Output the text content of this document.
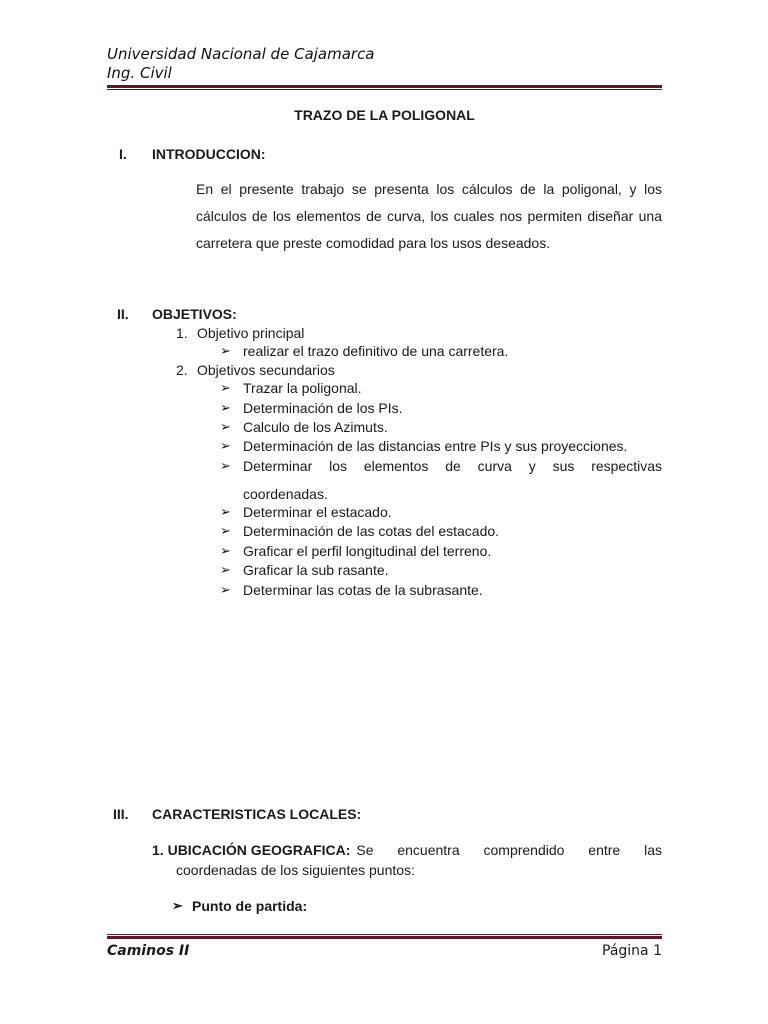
Universidad Nacional de Cajamarca
Ing. Civil
TRAZO DE LA POLIGONAL
I. INTRODUCCION:
En el presente trabajo se presenta los cálculos de la poligonal, y los cálculos de los elementos de curva, los cuales nos permiten diseñar una carretera que preste comodidad para los usos deseados.
II. OBJETIVOS:
1. Objetivo principal
➢ realizar el trazo definitivo de una carretera.
2. Objetivos secundarios
➢ Trazar la poligonal.
➢ Determinación de los PIs.
➢ Calculo de los Azimuts.
➢ Determinación de las distancias entre PIs y sus proyecciones.
➢ Determinar los elementos de curva y sus respectivas
coordenadas.
➢ Determinar el estacado.
➢ Determinación de las cotas del estacado.
➢ Graficar el perfil longitudinal del terreno.
➢ Graficar la sub rasante.
➢ Determinar las cotas de la subrasante.
III. CARACTERISTICAS LOCALES:
1. UBICACIÓN GEOGRAFICA: Se encuentra comprendido entre las
coordenadas de los siguientes puntos:
➢ Punto de partida:
Caminos II	Página 1
